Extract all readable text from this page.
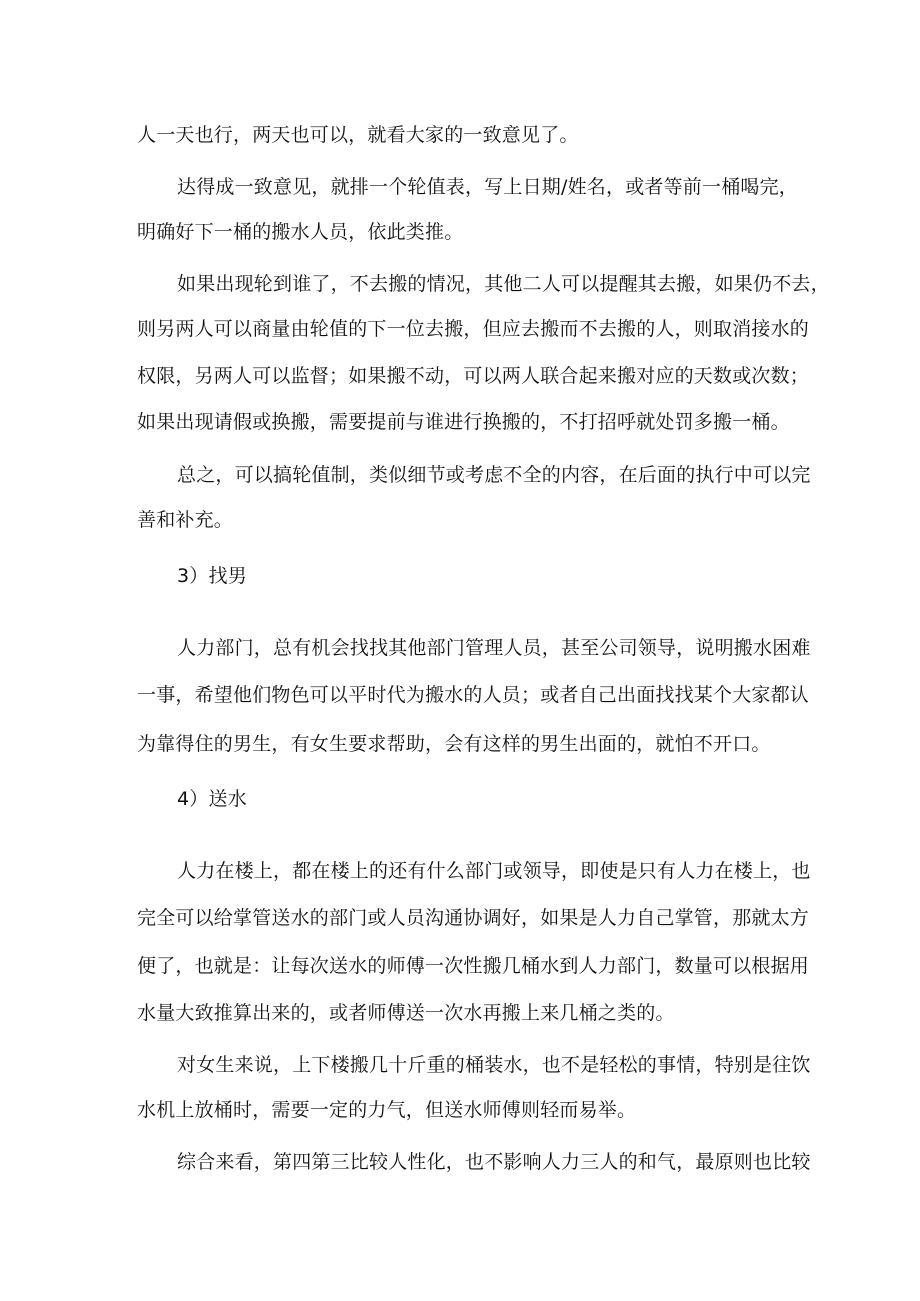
人一天也行，两天也可以，就看大家的一致意见了。
达得成一致意见，就排一个轮值表，写上日期/姓名，或者等前一桶喝完，
明确好下一桶的搬水人员，依此类推。
如果出现轮到谁了，不去搬的情况，其他二人可以提醒其去搬，如果仍不去，
则另两人可以商量由轮值的下一位去搬，但应去搬而不去搬的人，则取消接水的
权限，另两人可以监督；如果搬不动，可以两人联合起来搬对应的天数或次数；
如果出现请假或换搬，需要提前与谁进行换搬的，不打招呼就处罚多搬一桶。
总之，可以搞轮值制，类似细节或考虑不全的内容，在后面的执行中可以完
善和补充。
3）找男
人力部门，总有机会找找其他部门管理人员，甚至公司领导，说明搬水困难
一事，希望他们物色可以平时代为搬水的人员；或者自己出面找找某个大家都认
为靠得住的男生，有女生要求帮助，会有这样的男生出面的，就怕不开口。
4）送水
人力在楼上，都在楼上的还有什么部门或领导，即使是只有人力在楼上，也
完全可以给掌管送水的部门或人员沟通协调好，如果是人力自己掌管，那就太方
便了，也就是：让每次送水的师傅一次性搬几桶水到人力部门，数量可以根据用
水量大致推算出来的，或者师傅送一次水再搬上来几桶之类的。
对女生来说，上下楼搬几十斤重的桶装水，也不是轻松的事情，特别是往饮
水机上放桶时，需要一定的力气，但送水师傅则轻而易举。
综合来看，第四第三比较人性化，也不影响人力三人的和气，最原则也比较
